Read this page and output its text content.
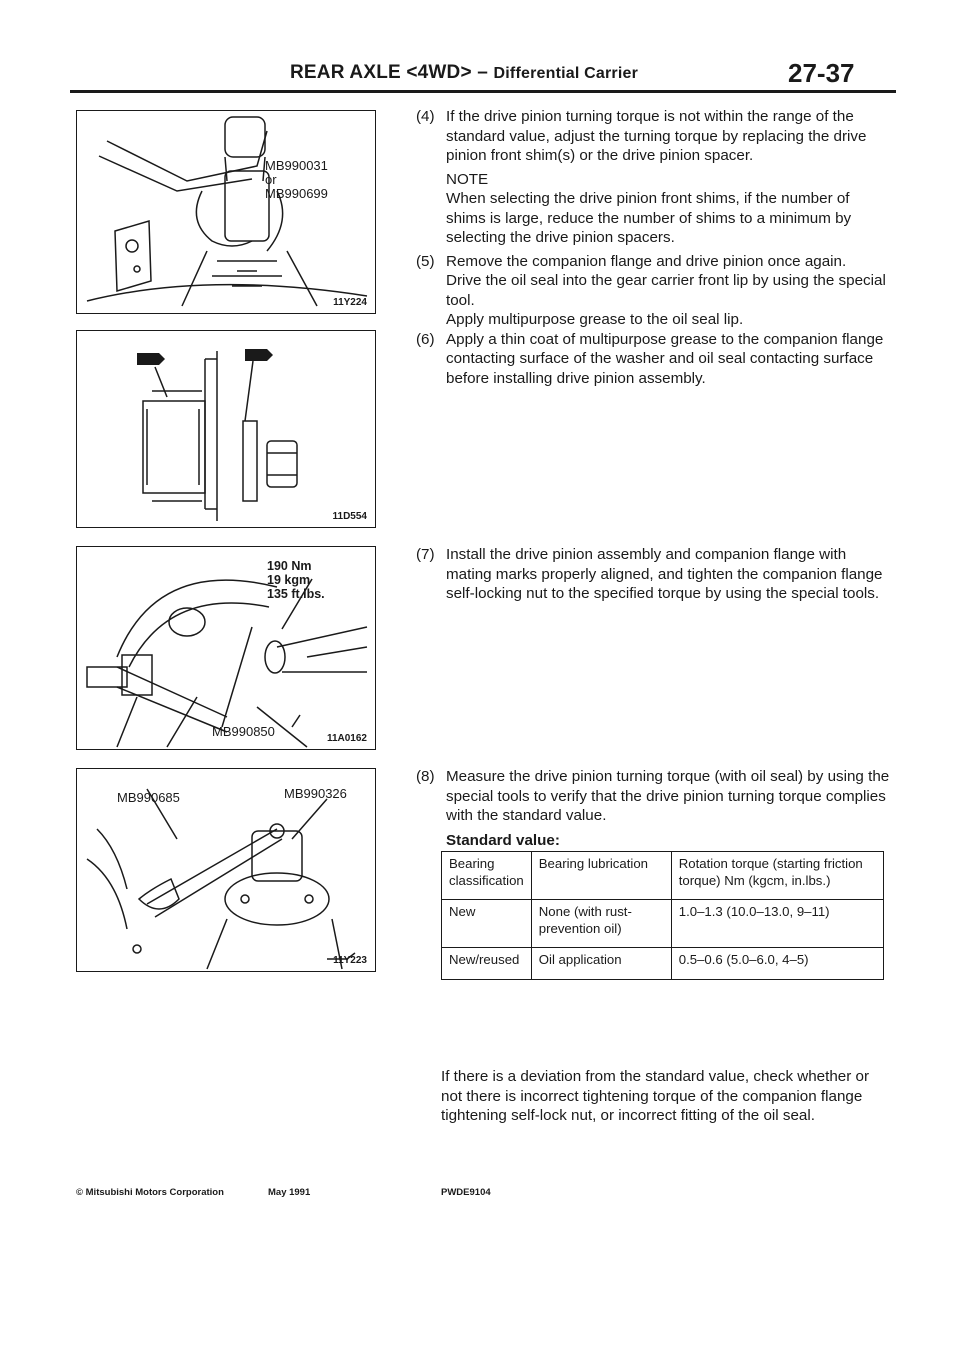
REAR AXLE <4WD> – Differential Carrier	27-37
MB990031
or
MB990699
11Y224
11D554
190 Nm
19 kgm
135 ft.lbs.
MB990850	11A0162
MB990685	MB990326
11Y223
(4) If the drive pinion turning torque is not within the range of the standard value, adjust the turning torque by replacing the drive pinion front shim(s) or the drive pinion spacer.

NOTE

When selecting the drive pinion front shims, if the number of shims is large, reduce the number of shims to a minimum by selecting the drive pinion spacers.

(5) Remove the companion flange and drive pinion once again.

Drive the oil seal into the gear carrier front lip by using the special tool.

Apply multipurpose grease to the oil seal lip.

(6) Apply a thin coat of multipurpose grease to the companion flange contacting surface of the washer and oil seal contacting surface before installing drive pinion assembly.

(7) Install the drive pinion assembly and companion flange with mating marks properly aligned, and tighten the companion flange self-locking nut to the specified torque by using the special tools.

(8) Measure the drive pinion turning torque (with oil seal) by using the special tools to verify that the drive pinion turning torque complies with the standard value.

Standard value:

Bearing classification	Bearing lubrication	Rotation torque (starting friction torque) Nm (kgcm, in.lbs.)
New	None (with rust-prevention oil)	1.0–1.3 (10.0–13.0, 9–11)
New/reused	Oil application	0.5–0.6 (5.0–6.0, 4–5)
If there is a deviation from the standard value, check whether or not there is incorrect tightening torque of the companion flange tightening self-lock nut, or incorrect fitting of the oil seal.
© Mitsubishi Motors Corporation	May 1991	PWDE9104
